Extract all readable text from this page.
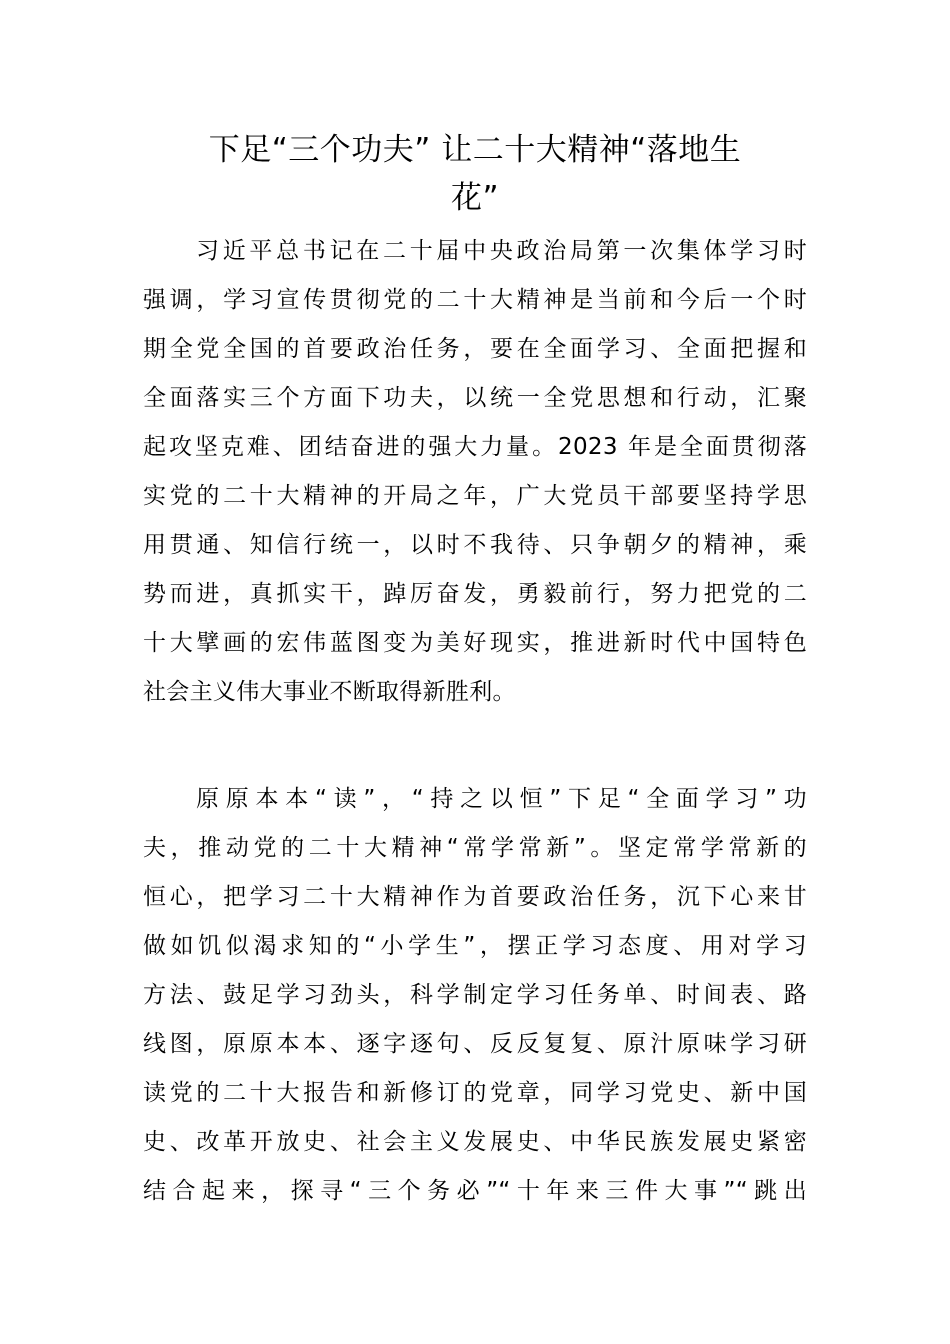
下足“三个功夫” 让二十大精神“落地生
花”
习近平总书记在二十届中央政治局第一次集体学习时
强调，学习宣传贯彻党的二十大精神是当前和今后一个时
期全党全国的首要政治任务，要在全面学习、全面把握和
全面落实三个方面下功夫，以统一全党思想和行动，汇聚
起攻坚克难、团结奋进的强大力量。2023 年是全面贯彻落
实党的二十大精神的开局之年，广大党员干部要坚持学思
用贯通、知信行统一，以时不我待、只争朝夕的精神，乘
势而进，真抓实干，踔厉奋发，勇毅前行，努力把党的二
十大擘画的宏伟蓝图变为美好现实，推进新时代中国特色
社会主义伟大事业不断取得新胜利。
原原本本“读”，“持之以恒”下足“全面学习”功
夫，推动党的二十大精神“常学常新”。坚定常学常新的
恒心，把学习二十大精神作为首要政治任务，沉下心来甘
做如饥似渴求知的“小学生”，摆正学习态度、用对学习
方法、鼓足学习劲头，科学制定学习任务单、时间表、路
线图，原原本本、逐字逐句、反反复复、原汁原味学习研
读党的二十大报告和新修订的党章，同学习党史、新中国
史、改革开放史、社会主义发展史、中华民族发展史紧密
结合起来，探寻“三个务必”“十年来三件大事”“跳出
